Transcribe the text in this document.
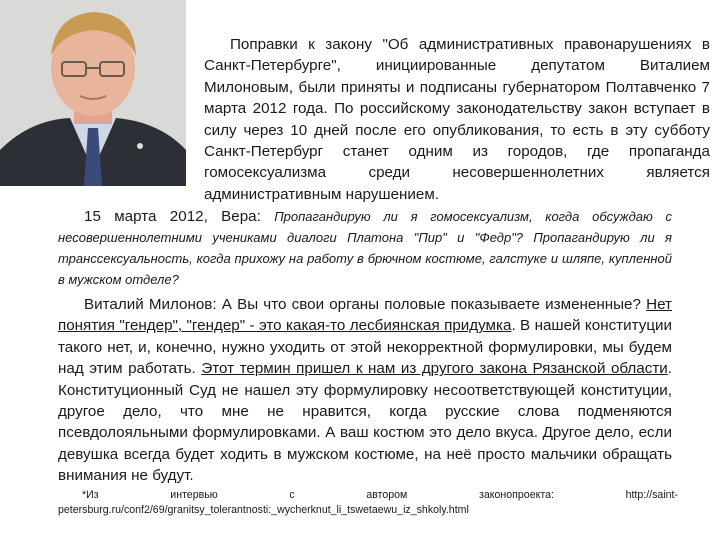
Поправки к закону "Об административных правонарушениях в Санкт-Петербурге", инициированные депутатом Виталием Милоновым, были приняты и подписаны губернатором Полтавченко 7 марта 2012 года. По российскому законодательству закон вступает в силу через 10 дней после его опубликования, то есть в эту субботу Санкт-Петербург станет одним из городов, где пропаганда гомосексуализма среди несовершеннолетних является административным нарушением.

15 марта 2012, Вера: Пропагандирую ли я гомосексуализм, когда обсуждаю с несовершеннолетними учениками диалоги Платона "Пир" и "Федр"? Пропагандирую ли я транссексуальность, когда прихожу на работу в брючном костюме, галстуке и шляпе, купленной в мужском отделе?

Виталий Милонов: А Вы что свои органы половые показываете измененные? Нет понятия "гендер", "гендер" - это какая-то лесбиянская придумка. В нашей конституции такого нет, и, конечно, нужно уходить от этой некорректной формулировки, мы будем над этим работать. Этот термин пришел к нам из другого закона Рязанской области. Конституционный Суд не нашел эту формулировку несоответствующей конституции, другое дело, что мне не нравится, когда русские слова подменяются псевдолояльными формулировками. А ваш костюм это дело вкуса. Другое дело, если девушка всегда будет ходить в мужском костюме, на неё просто мальчики обращать внимания не будут.

*Из	интервью	с	автором	законопроекта:	http://saint-
petersburg.ru/conf2/69/granitsy_tolerantnosti:_wycherknut_li_tswetaewu_iz_shkoly.html
